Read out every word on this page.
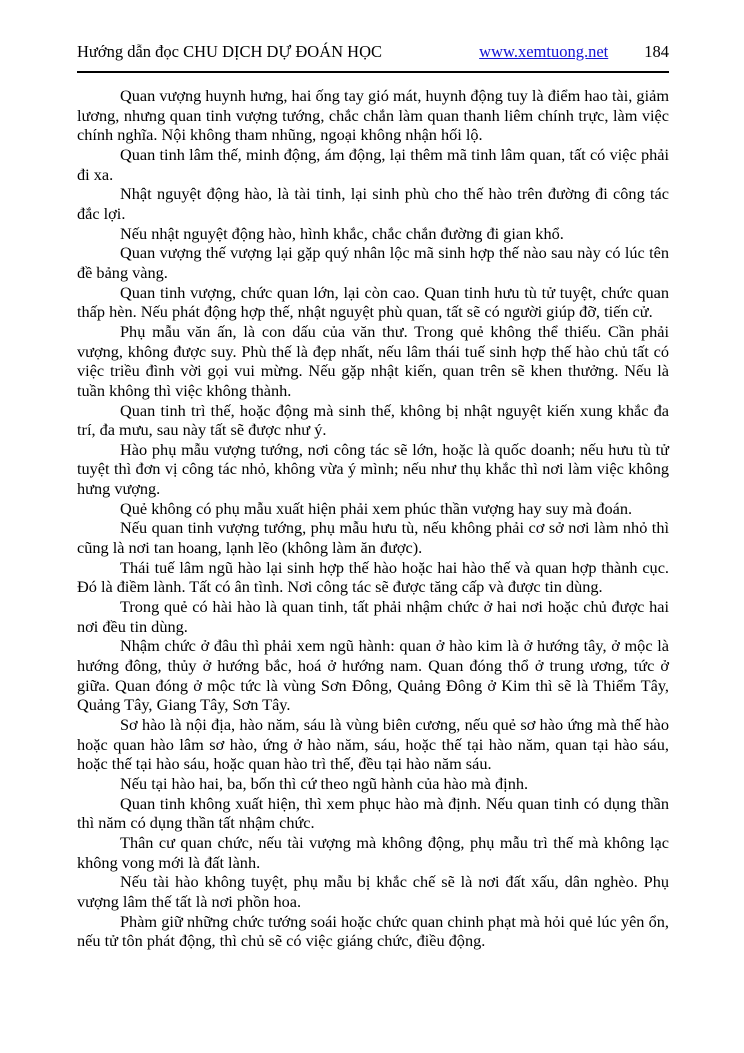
Hướng dẫn đọc CHU DỊCH DỰ ĐOÁN HỌC	www.xemtuong.net 184

Quan vượng huynh hưng, hai ống tay gió mát, huynh động tuy là điểm hao tài, giảm lương, nhưng quan tinh vượng tướng, chắc chắn làm quan thanh liêm chính trực, làm việc chính nghĩa. Nội không tham nhũng, ngoại không nhận hối lộ.

Quan tinh lâm thế, minh động, ám động, lại thêm mã tinh lâm quan, tất có việc phải đi xa.

Nhật nguyệt động hào, là tài tinh, lại sinh phù cho thế hào trên đường đi công tác đắc lợi.

Nếu nhật nguyệt động hào, hình khắc, chắc chắn đường đi gian khổ.

Quan vượng thế vượng lại gặp quý nhân lộc mã sinh hợp thế nào sau này có lúc tên đề bảng vàng.

Quan tinh vượng, chức quan lớn, lại còn cao. Quan tinh hưu tù tử tuyệt, chức quan thấp hèn. Nếu phát động hợp thế, nhật nguyệt phù quan, tất sẽ có người giúp đỡ, tiến cử.

Phụ mẫu văn ấn, là con dấu của văn thư. Trong quẻ không thể thiếu. Cần phải vượng, không được suy. Phù thế là đẹp nhất, nếu lâm thái tuế sinh hợp thế hào chủ tất có việc triều đình vời gọi vui mừng. Nếu gặp nhật kiến, quan trên sẽ khen thưởng. Nếu là tuần không thì việc không thành.

Quan tinh trì thế, hoặc động mà sinh thế, không bị nhật nguyệt kiến xung khắc đa trí, đa mưu, sau này tất sẽ được như ý.

Hào phụ mẫu vượng tướng, nơi công tác sẽ lớn, hoặc là quốc doanh; nếu hưu tù tử tuyệt thì đơn vị công tác nhỏ, không vừa ý mình; nếu như thụ khắc thì nơi làm việc không hưng vượng.

Quẻ không có phụ mẫu xuất hiện phải xem phúc thần vượng hay suy mà đoán.

Nếu quan tinh vượng tướng, phụ mẫu hưu tù, nếu không phải cơ sở nơi làm nhỏ thì cũng là nơi tan hoang, lạnh lẽo (không làm ăn được).

Thái tuế lâm ngũ hào lại sinh hợp thế hào hoặc hai hào thế và quan hợp thành cục. Đó là điềm lành. Tất có ân tình. Nơi công tác sẽ được tăng cấp và được tin dùng.

Trong quẻ có hài hào là quan tinh, tất phải nhậm chức ở hai nơi hoặc chủ được hai nơi đều tin dùng.

Nhậm chức ở đâu thì phải xem ngũ hành: quan ở hào kim là ở hướng tây, ở mộc là hướng đông, thủy ở hướng bắc, hoá ở hướng nam. Quan đóng thổ ở trung ương, tức ở giữa. Quan đóng ở mộc tức là vùng Sơn Đông, Quảng Đông ở Kim thì sẽ là Thiểm Tây, Quảng Tây, Giang Tây, Sơn Tây.

Sơ hào là nội địa, hào năm, sáu là vùng biên cương, nếu quẻ sơ hào ứng mà thế hào hoặc quan hào lâm sơ hào, ứng ở hào năm, sáu, hoặc thế tại hào năm, quan tại hào sáu, hoặc thế tại hào sáu, hoặc quan hào trì thế, đều tại hào năm sáu.

Nếu tại hào hai, ba, bốn thì cứ theo ngũ hành của hào mà định.

Quan tinh không xuất hiện, thì xem phục hào mà định. Nếu quan tinh có dụng thần thì năm có dụng thần tất nhậm chức.

Thân cư quan chức, nếu tài vượng mà không động, phụ mẫu trì thế mà không lạc không vong mới là đất lành.

Nếu tài hào không tuyệt, phụ mẫu bị khắc chế sẽ là nơi đất xấu, dân nghèo. Phụ vượng lâm thế tất là nơi phồn hoa.

Phàm giữ những chức tướng soái hoặc chức quan chinh phạt mà hỏi quẻ lúc yên ổn, nếu tử tôn phát động, thì chủ sẽ có việc giáng chức, điều động.
